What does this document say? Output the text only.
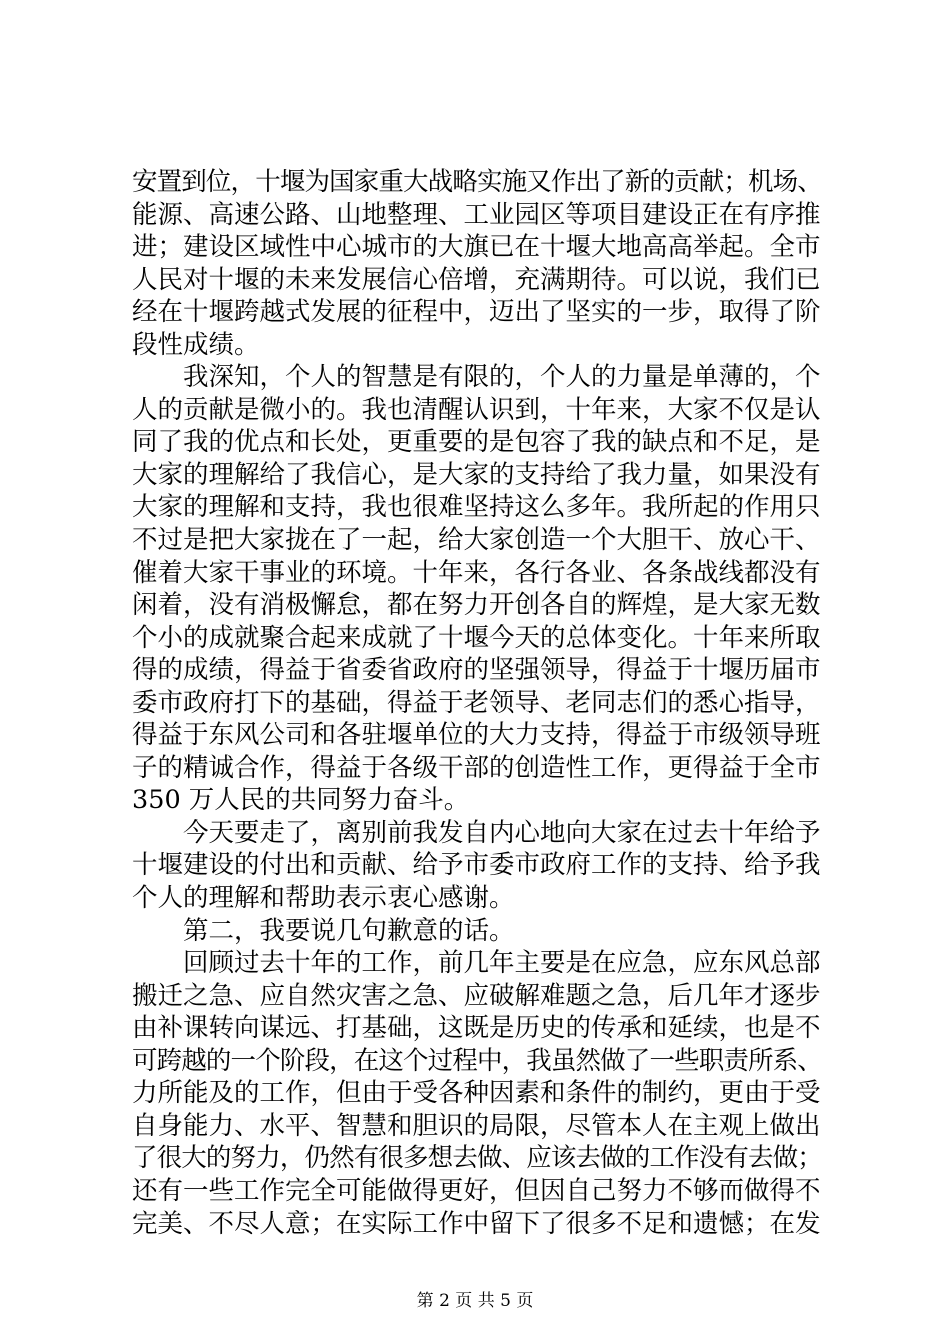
安置到位，十堰为国家重大战略实施又作出了新的贡献；机场、
能源、高速公路、山地整理、工业园区等项目建设正在有序推
进；建设区域性中心城市的大旗已在十堰大地高高举起。全市
人民对十堰的未来发展信心倍增，充满期待。可以说，我们已
经在十堰跨越式发展的征程中，迈出了坚实的一步，取得了阶
段性成绩。
我深知，个人的智慧是有限的，个人的力量是单薄的，个
人的贡献是微小的。我也清醒认识到，十年来，大家不仅是认
同了我的优点和长处，更重要的是包容了我的缺点和不足，是
大家的理解给了我信心，是大家的支持给了我力量，如果没有
大家的理解和支持，我也很难坚持这么多年。我所起的作用只
不过是把大家拢在了一起，给大家创造一个大胆干、放心干、
催着大家干事业的环境。十年来，各行各业、各条战线都没有
闲着，没有消极懈怠，都在努力开创各自的辉煌，是大家无数
个小的成就聚合起来成就了十堰今天的总体变化。十年来所取
得的成绩，得益于省委省政府的坚强领导，得益于十堰历届市
委市政府打下的基础，得益于老领导、老同志们的悉心指导，
得益于东风公司和各驻堰单位的大力支持，得益于市级领导班
子的精诚合作，得益于各级干部的创造性工作，更得益于全市
350 万人民的共同努力奋斗。
今天要走了，离别前我发自内心地向大家在过去十年给予
十堰建设的付出和贡献、给予市委市政府工作的支持、给予我
个人的理解和帮助表示衷心感谢。
第二，我要说几句歉意的话。
回顾过去十年的工作，前几年主要是在应急，应东风总部
搬迁之急、应自然灾害之急、应破解难题之急，后几年才逐步
由补课转向谋远、打基础，这既是历史的传承和延续，也是不
可跨越的一个阶段，在这个过程中，我虽然做了一些职责所系、
力所能及的工作，但由于受各种因素和条件的制约，更由于受
自身能力、水平、智慧和胆识的局限，尽管本人在主观上做出
了很大的努力，仍然有很多想去做、应该去做的工作没有去做；
还有一些工作完全可能做得更好，但因自己努力不够而做得不
完美、不尽人意；在实际工作中留下了很多不足和遗憾；在发
第 2 页 共 5 页
